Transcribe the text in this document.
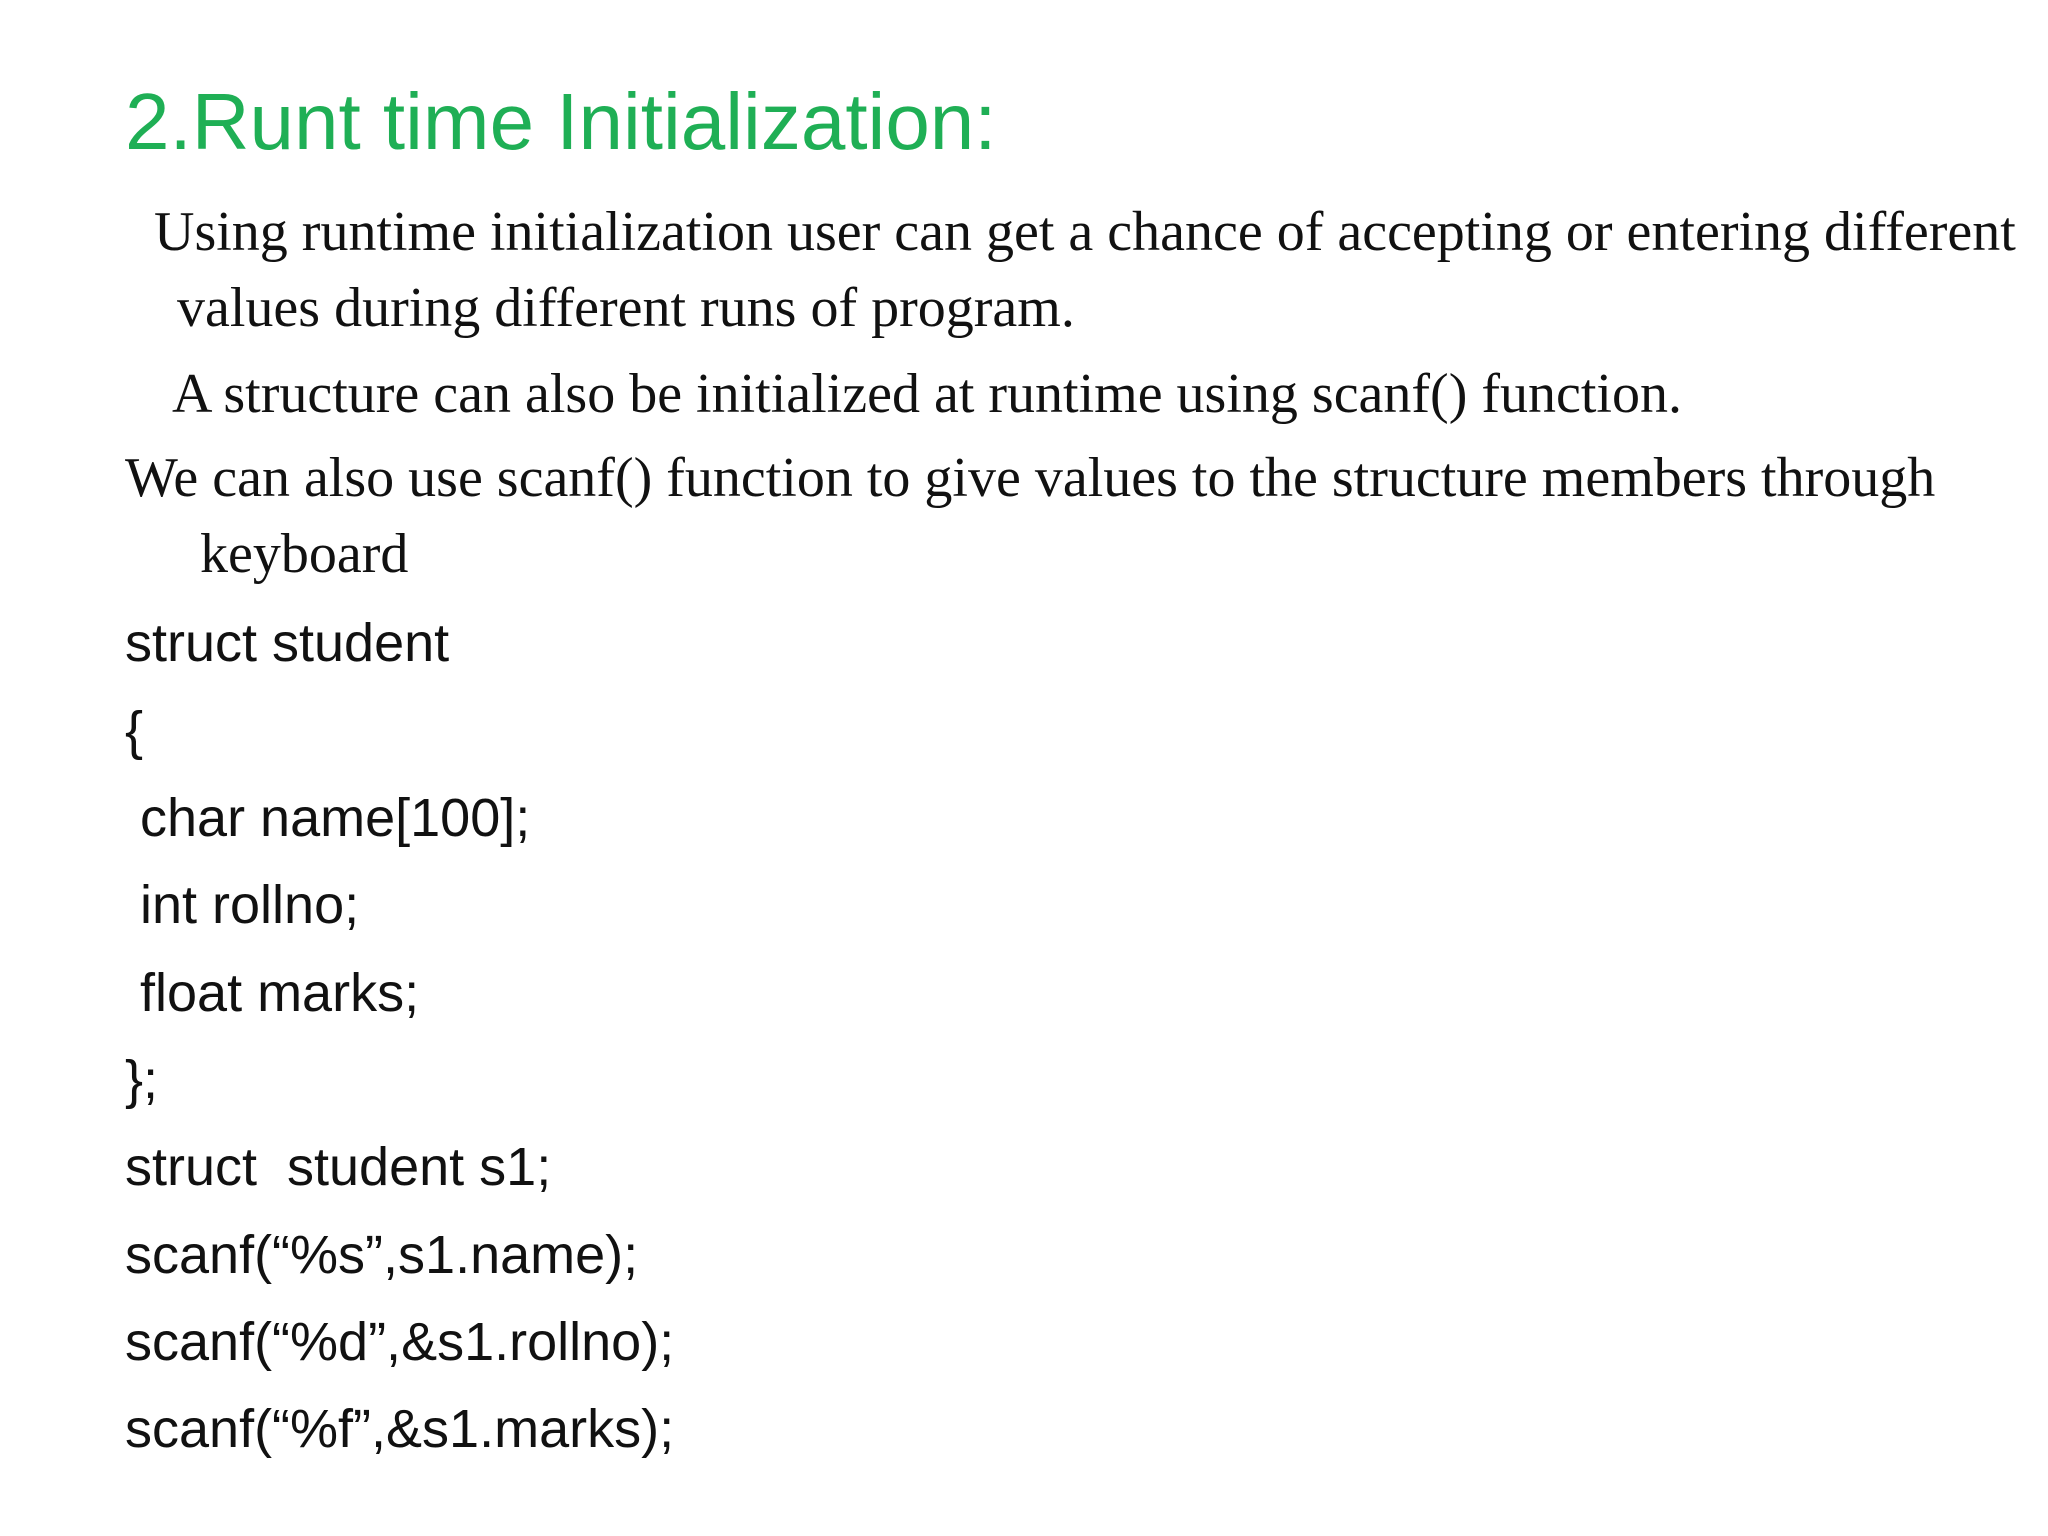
2.Runt time Initialization:

Using runtime initialization user can get a chance of accepting or entering different values during different runs of program.

A structure can also be initialized at runtime using scanf() function.

We can also use scanf() function to give values to the structure members through keyboard

struct student
{
char name[100];
int rollno;
float marks;
};
struct  student s1;
scanf(“%s”,s1.name);
scanf(“%d”,&s1.rollno);
scanf(“%f”,&s1.marks);
